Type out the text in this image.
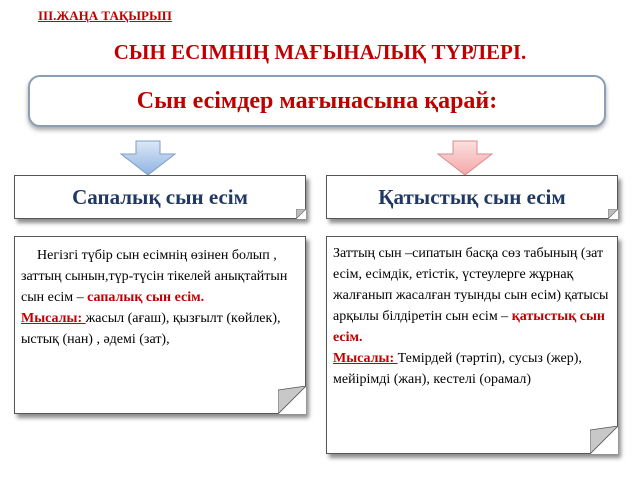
III.ЖАҢА ТАҚЫРЫП
СЫН ЕСІМНІҢ МАҒЫНАЛЫҚ ТҮРЛЕРІ.
Сын есімдер мағынасына қарай:
Сапалық сын есім	Қатыстық сын есім
Негізгі түбір сын есімнің өзінен болып , заттың сынын,түр-түсін тікелей анықтайтын сын есім – сапалық сын есім.
Мысалы: жасыл (ағаш), қызғылт (көйлек), ыстық (нан) , әдемі (зат),
Заттың сын –сипатын басқа сөз табының (зат есім, есімдік, етістік, үстеулерге жұрнақ жалғанып жасалған туынды сын есім) қатысы арқылы білдіретін сын есім – қатыстық сын есім.
Мысалы: Темірдей (тәртіп), сусыз (жер), мейірімді (жан), кестелі (орамал)
